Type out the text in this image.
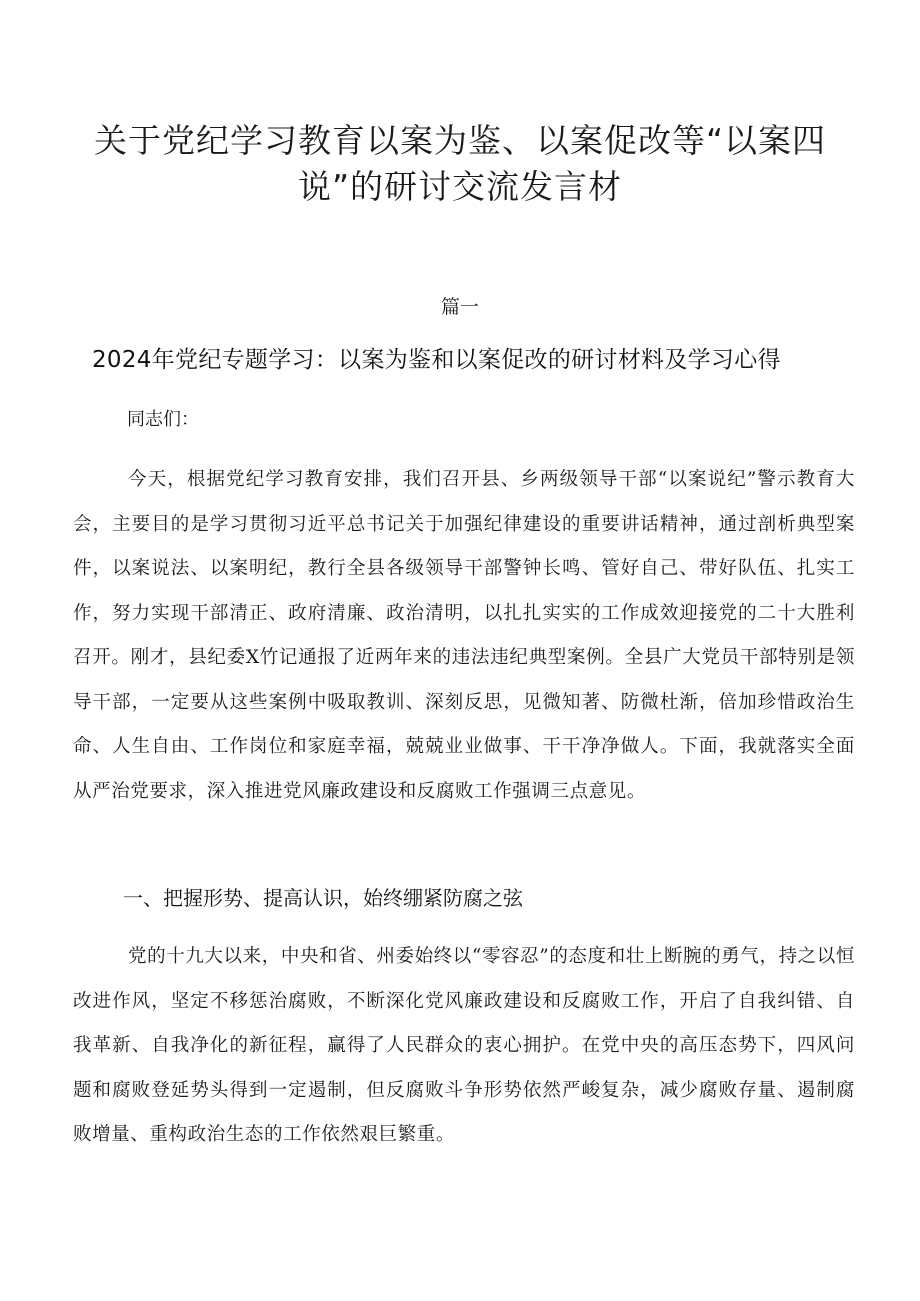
关于党纪学习教育以案为鉴、以案促改等“以案四
说”的研讨交流发言材
篇一
2024年党纪专题学习：以案为鉴和以案促改的研讨材料及学习心得
同志们：

今天，根据党纪学习教育安排，我们召开县、乡两级领导干部“以案说纪”警示教育大会，主要目的是学习贯彻习近平总书记关于加强纪律建设的重要讲话精神，通过剖析典型案件，以案说法、以案明纪，教行全县各级领导干部警钟长鸣、管好自己、带好队伍、扎实工作，努力实现干部清正、政府清廉、政治清明，以扎扎实实的工作成效迎接党的二十大胜利召开。刚才，县纪委X竹记通报了近两年来的违法违纪典型案例。全县广大党员干部特别是领导干部，一定要从这些案例中吸取教训、深刻反思，见微知著、防微杜渐，倍加珍惜政治生命、人生自由、工作岗位和家庭幸福，兢兢业业做事、干干净净做人。下面，我就落实全面从严治党要求，深入推进党风廉政建设和反腐败工作强调三点意见。

一、把握形势、提高认识，始终绷紧防腐之弦

党的十九大以来，中央和省、州委始终以“零容忍”的态度和壮上断腕的勇气，持之以恒改进作风，坚定不移惩治腐败，不断深化党风廉政建设和反腐败工作，开启了自我纠错、自我革新、自我净化的新征程，赢得了人民群众的衷心拥护。在党中央的高压态势下，四风问题和腐败登延势头得到一定遏制，但反腐败斗争形势依然严峻复杂，减少腐败存量、遏制腐败增量、重构政治生态的工作依然艰巨繁重。
